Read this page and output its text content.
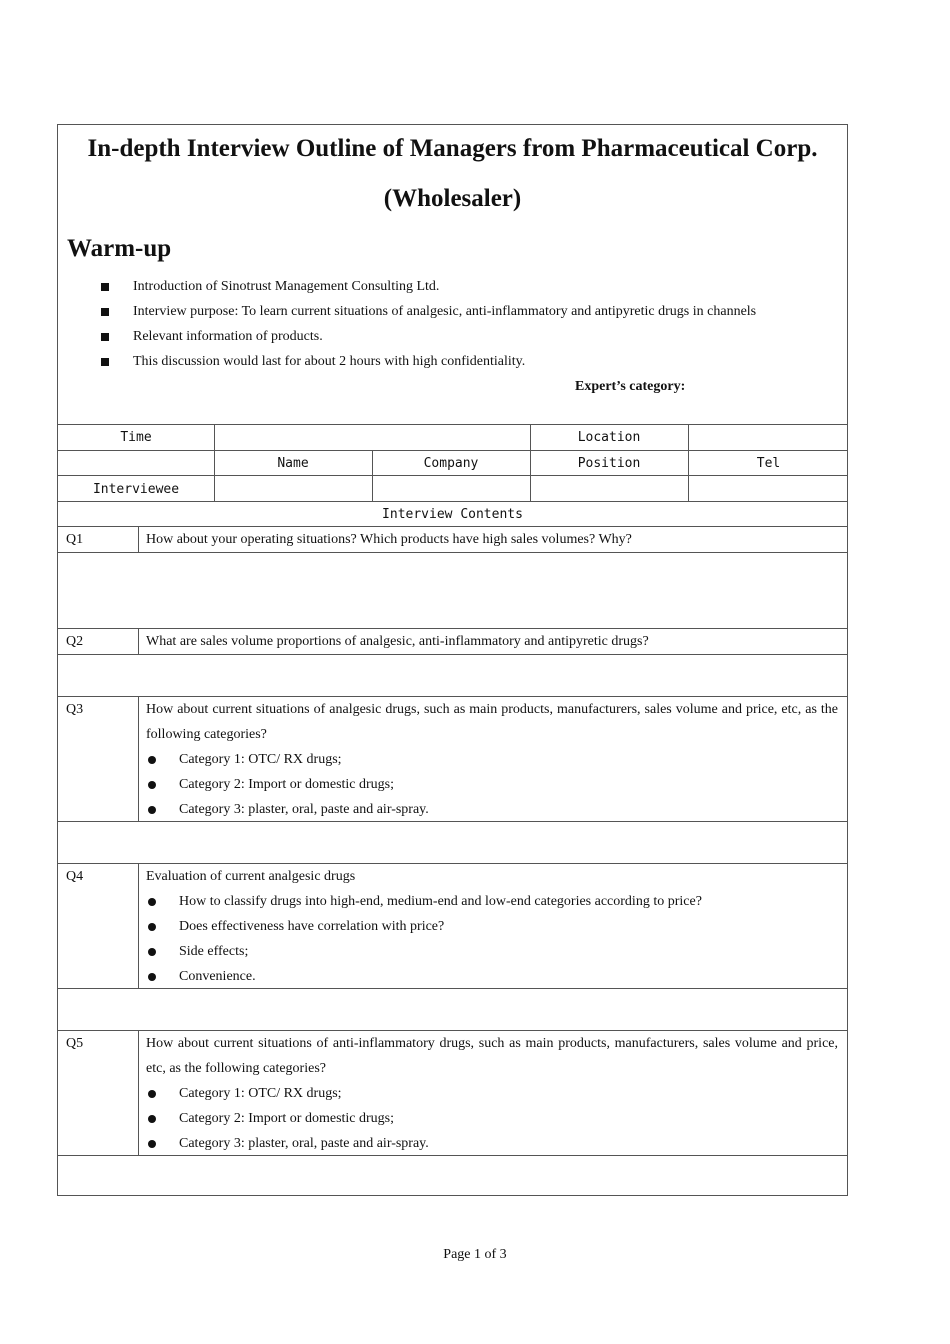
In-depth Interview Outline of Managers from Pharmaceutical Corp.
(Wholesaler)
Warm-up
Introduction of Sinotrust Management Consulting Ltd.
Interview purpose: To learn current situations of analgesic, anti-inflammatory and antipyretic drugs in channels
Relevant information of products.
This discussion would last for about 2 hours with high confidentiality.
Expert’s category:
Time	Location
Name	Company	Position	Tel
Interviewee
Interview Contents
Q1	How about your operating situations? Which products have high sales volumes? Why?
Q2	What are sales volume proportions of analgesic, anti-inflammatory and antipyretic drugs?
Q3	How about current situations of analgesic drugs, such as main products, manufacturers, sales volume and price, etc, as the following categories?
Category 1: OTC/ RX drugs;
Category 2: Import or domestic drugs;
Category 3: plaster, oral, paste and air-spray.
Q4	Evaluation of current analgesic drugs
How to classify drugs into high-end, medium-end and low-end categories according to price?
Does effectiveness have correlation with price?
Side effects;
Convenience.
Q5	How about current situations of anti-inflammatory drugs, such as main products, manufacturers, sales volume and price, etc, as the following categories?
Category 1: OTC/ RX drugs;
Category 2: Import or domestic drugs;
Category 3: plaster, oral, paste and air-spray.
Page 1 of 3
